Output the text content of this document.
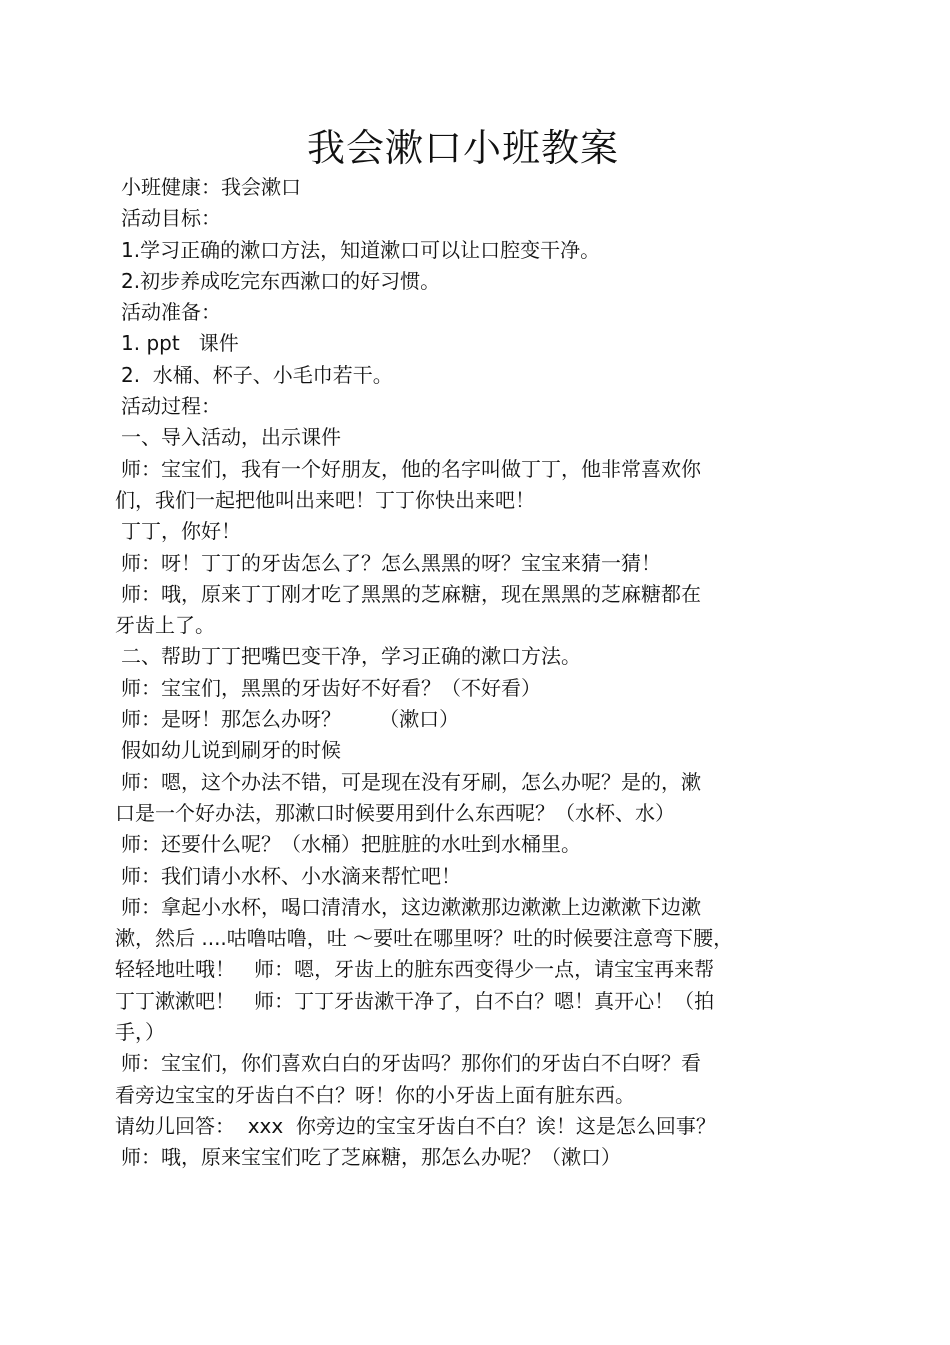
我会漱口小班教案
小班健康：我会漱口
活动目标：
1.学习正确的漱口方法，知道漱口可以让口腔变干净。
2.初步养成吃完东西漱口的好习惯。
活动准备：
1. ppt   课件
2.  水桶、杯子、小毛巾若干。
活动过程：
一、导入活动，出示课件
师：宝宝们，我有一个好朋友，他的名字叫做丁丁，他非常喜欢你
们，我们一起把他叫出来吧！丁丁你快出来吧！
丁丁，你好！
师：呀！丁丁的牙齿怎么了？怎么黑黑的呀？宝宝来猜一猜！
师：哦，原来丁丁刚才吃了黑黑的芝麻糖，现在黑黑的芝麻糖都在
牙齿上了。
二、帮助丁丁把嘴巴变干净，学习正确的漱口方法。
师：宝宝们，黑黑的牙齿好不好看？（不好看）
师：是呀！那怎么办呀？      （漱口）
假如幼儿说到刷牙的时候
师：嗯，这个办法不错，可是现在没有牙刷，怎么办呢？是的，漱
口是一个好办法，那漱口时候要用到什么东西呢？（水杯、水）
师：还要什么呢？（水桶）把脏脏的水吐到水桶里。
师：我们请小水杯、小水滴来帮忙吧！
师：拿起小水杯，喝口清清水，这边漱漱那边漱漱上边漱漱下边漱
漱，然后 ....咕噜咕噜，吐 ～要吐在哪里呀？吐的时候要注意弯下腰，
轻轻地吐哦！   师：嗯，牙齿上的脏东西变得少一点，请宝宝再来帮
丁丁漱漱吧！   师：丁丁牙齿漱干净了，白不白？嗯！真开心！（拍
手，）
师：宝宝们，你们喜欢白白的牙齿吗？那你们的牙齿白不白呀？看
看旁边宝宝的牙齿白不白？呀！你的小牙齿上面有脏东西。
请幼儿回答：  xxx  你旁边的宝宝牙齿白不白？诶！这是怎么回事？
师：哦，原来宝宝们吃了芝麻糖，那怎么办呢？（漱口）
